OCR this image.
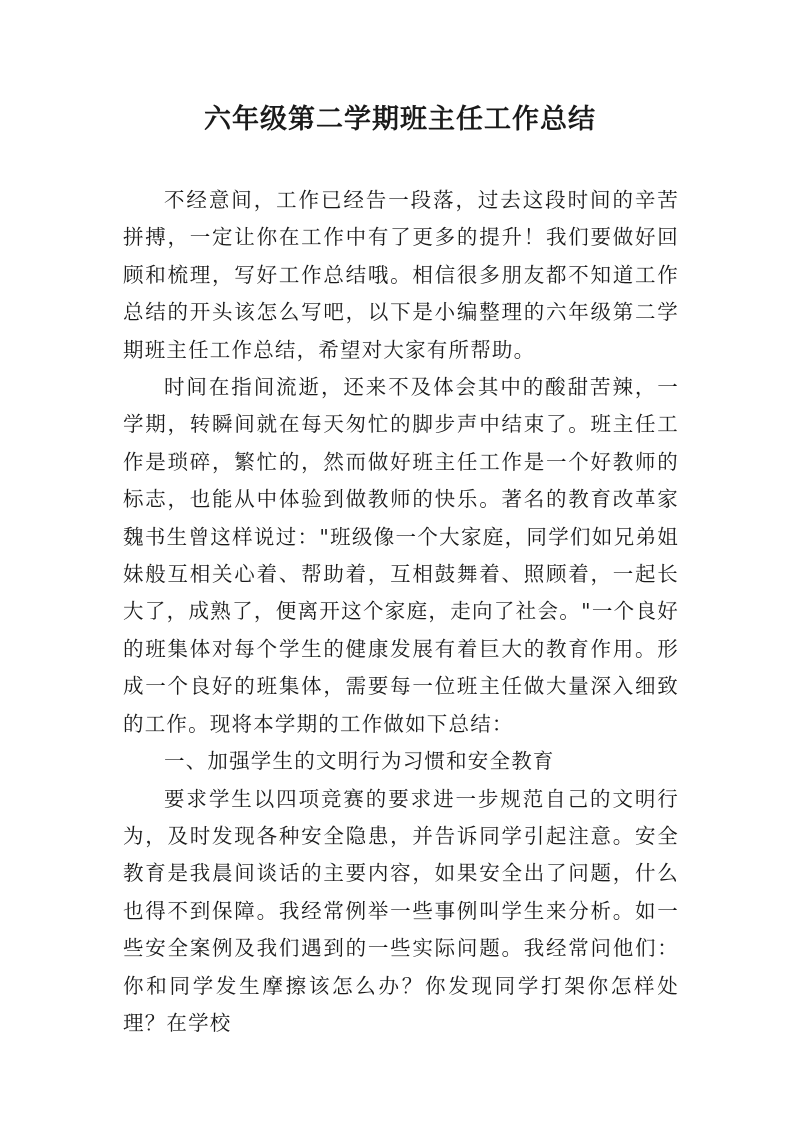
六年级第二学期班主任工作总结

不经意间，工作已经告一段落，过去这段时间的辛苦拼搏，一定让你在工作中有了更多的提升！我们要做好回顾和梳理，写好工作总结哦。相信很多朋友都不知道工作总结的开头该怎么写吧，以下是小编整理的六年级第二学期班主任工作总结，希望对大家有所帮助。

时间在指间流逝，还来不及体会其中的酸甜苦辣，一学期，转瞬间就在每天匆忙的脚步声中结束了。班主任工作是琐碎，繁忙的，然而做好班主任工作是一个好教师的标志，也能从中体验到做教师的快乐。著名的教育改革家魏书生曾这样说过："班级像一个大家庭，同学们如兄弟姐妹般互相关心着、帮助着，互相鼓舞着、照顾着，一起长大了，成熟了，便离开这个家庭，走向了社会。"一个良好的班集体对每个学生的健康发展有着巨大的教育作用。形成一个良好的班集体，需要每一位班主任做大量深入细致的工作。现将本学期的工作做如下总结：

一、加强学生的文明行为习惯和安全教育

要求学生以四项竞赛的要求进一步规范自己的文明行为，及时发现各种安全隐患，并告诉同学引起注意。安全教育是我晨间谈话的主要内容，如果安全出了问题，什么也得不到保障。我经常例举一些事例叫学生来分析。如一些安全案例及我们遇到的一些实际问题。我经常问他们：你和同学发生摩擦该怎么办？你发现同学打架你怎样处理？在学校
